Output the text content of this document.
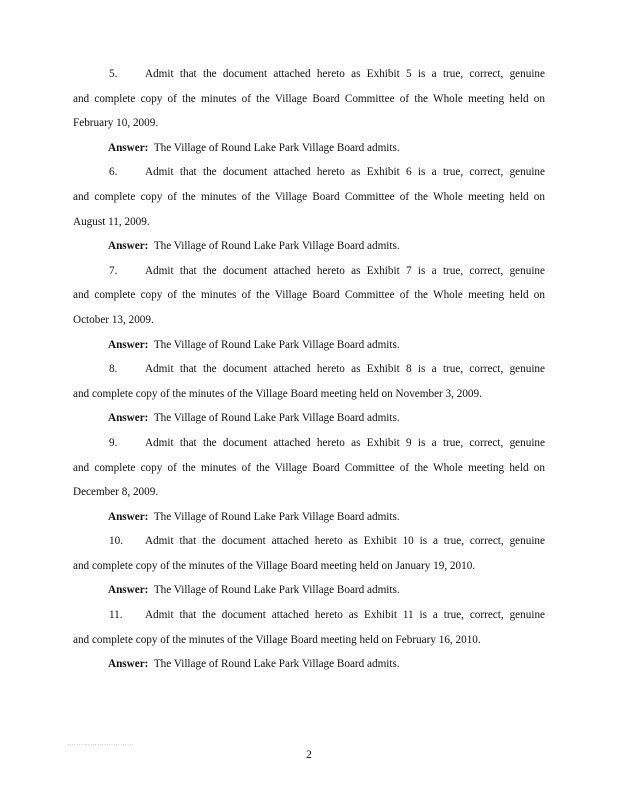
5. Admit that the document attached hereto as Exhibit 5 is a true, correct, genuine
and complete copy of the minutes of the Village Board Committee of the Whole meeting held on
February 10, 2009.
Answer: The Village of Round Lake Park Village Board admits.
6. Admit that the document attached hereto as Exhibit 6 is a true, correct, genuine
and complete copy of the minutes of the Village Board Committee of the Whole meeting held on
August 11, 2009.
Answer: The Village of Round Lake Park Village Board admits.
7. Admit that the document attached hereto as Exhibit 7 is a true, correct, genuine
and complete copy of the minutes of the Village Board Committee of the Whole meeting held on
October 13, 2009.
Answer: The Village of Round Lake Park Village Board admits.
8. Admit that the document attached hereto as Exhibit 8 is a true, correct, genuine
and complete copy of the minutes of the Village Board meeting held on November 3, 2009.
Answer: The Village of Round Lake Park Village Board admits.
9. Admit that the document attached hereto as Exhibit 9 is a true, correct, genuine
and complete copy of the minutes of the Village Board Committee of the Whole meeting held on
December 8, 2009.
Answer: The Village of Round Lake Park Village Board admits.
10. Admit that the document attached hereto as Exhibit 10 is a true, correct, genuine
and complete copy of the minutes of the Village Board meeting held on January 19, 2010.
Answer: The Village of Round Lake Park Village Board admits.
11. Admit that the document attached hereto as Exhibit 11 is a true, correct, genuine
and complete copy of the minutes of the Village Board meeting held on February 16, 2010.
Answer: The Village of Round Lake Park Village Board admits.
·····························
2
